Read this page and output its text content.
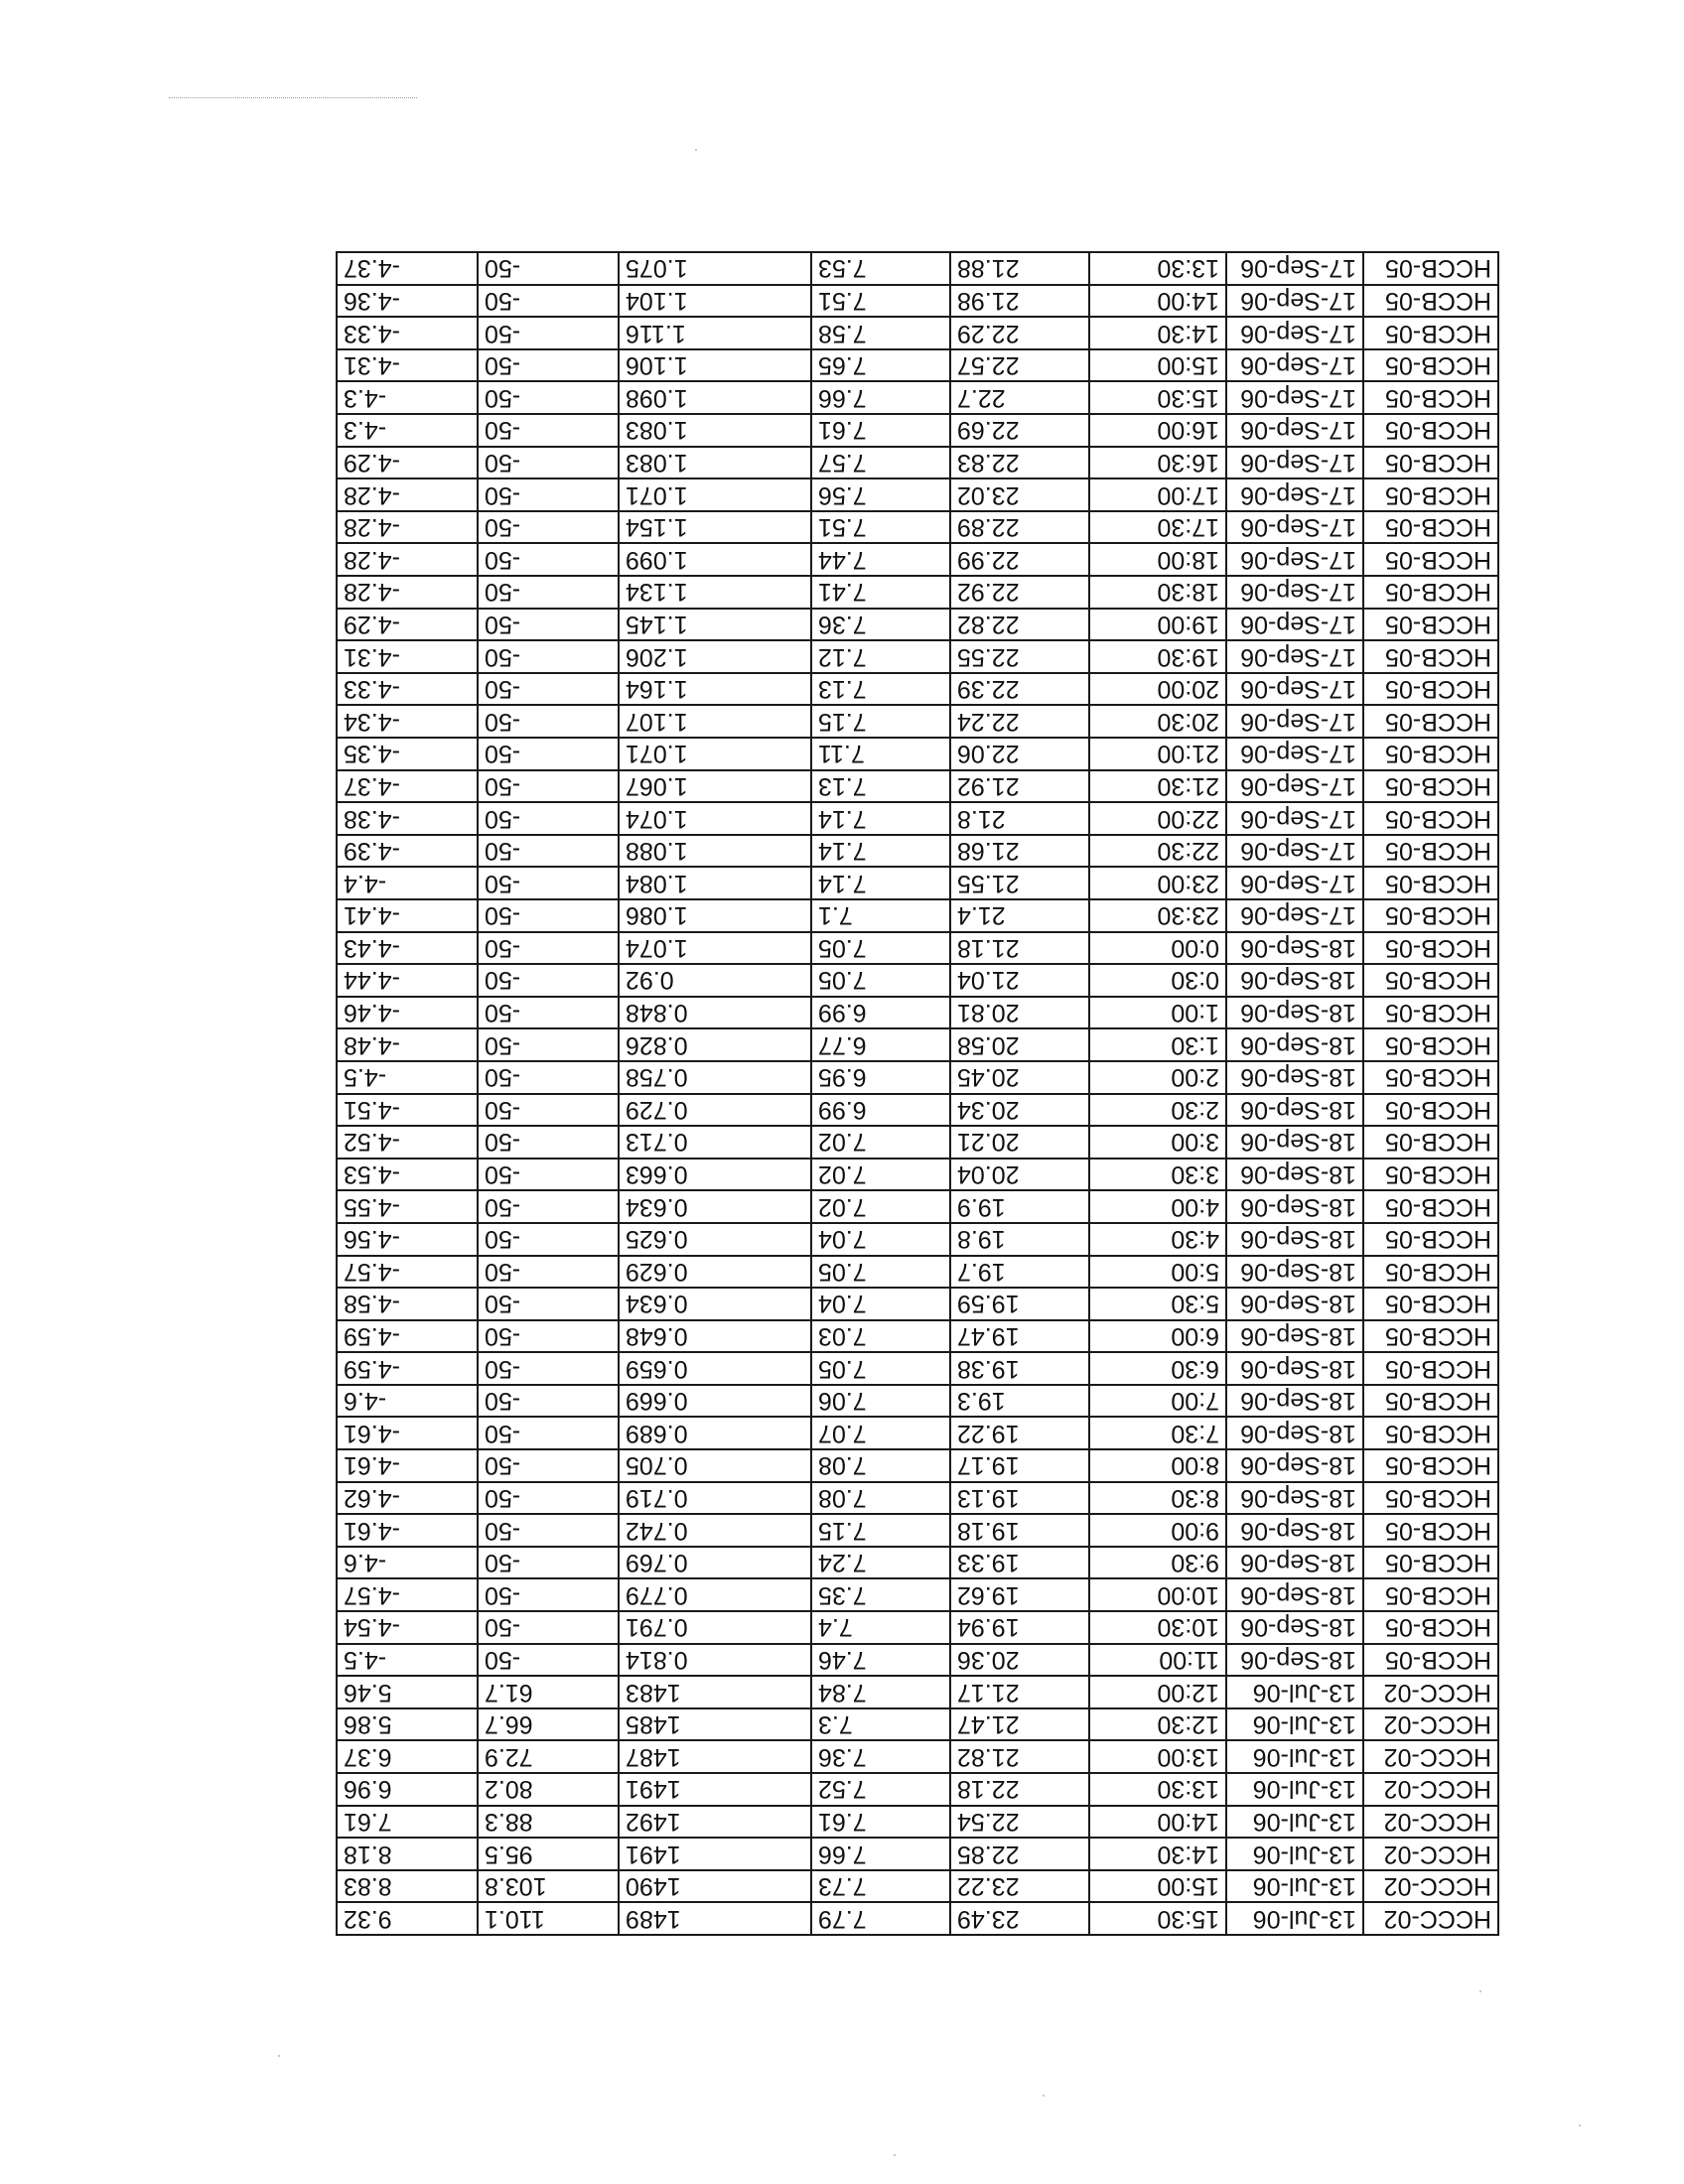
HCCC-02	13-Jul-06	15:30	23.49	7.79	1489	110.1	9.32
HCCC-02	13-Jul-06	15:00	23.22	7.73	1490	103.8	8.83
HCCC-02	13-Jul-06	14:30	22.85	7.66	1491	95.5	8.18
HCCC-02	13-Jul-06	14:00	22.54	7.61	1492	88.3	7.61
HCCC-02	13-Jul-06	13:30	22.18	7.52	1491	80.2	6.96
HCCC-02	13-Jul-06	13:00	21.82	7.36	1487	72.9	6.37
HCCC-02	13-Jul-06	12:30	21.47	7.3	1485	66.7	5.86
HCCC-02	13-Jul-06	12:00	21.17	7.84	1483	61.7	5.46
HCCB-05	18-Sep-06	11:00	20.36	7.46	0.814	-50	-4.5
HCCB-05	18-Sep-06	10:30	19.94	7.4	0.791	-50	-4.54
HCCB-05	18-Sep-06	10:00	19.62	7.35	0.779	-50	-4.57
HCCB-05	18-Sep-06	9:30	19.33	7.24	0.769	-50	-4.6
HCCB-05	18-Sep-06	9:00	19.18	7.15	0.742	-50	-4.61
HCCB-05	18-Sep-06	8:30	19.13	7.08	0.719	-50	-4.62
HCCB-05	18-Sep-06	8:00	19.17	7.08	0.705	-50	-4.61
HCCB-05	18-Sep-06	7:30	19.22	7.07	0.689	-50	-4.61
HCCB-05	18-Sep-06	7:00	19.3	7.06	0.669	-50	-4.6
HCCB-05	18-Sep-06	6:30	19.38	7.05	0.659	-50	-4.59
HCCB-05	18-Sep-06	6:00	19.47	7.03	0.648	-50	-4.59
HCCB-05	18-Sep-06	5:30	19.59	7.04	0.634	-50	-4.58
HCCB-05	18-Sep-06	5:00	19.7	7.05	0.629	-50	-4.57
HCCB-05	18-Sep-06	4:30	19.8	7.04	0.625	-50	-4.56
HCCB-05	18-Sep-06	4:00	19.9	7.02	0.634	-50	-4.55
HCCB-05	18-Sep-06	3:30	20.04	7.02	0.663	-50	-4.53
HCCB-05	18-Sep-06	3:00	20.21	7.02	0.713	-50	-4.52
HCCB-05	18-Sep-06	2:30	20.34	6.99	0.729	-50	-4.51
HCCB-05	18-Sep-06	2:00	20.45	6.95	0.758	-50	-4.5
HCCB-05	18-Sep-06	1:30	20.58	6.77	0.826	-50	-4.48
HCCB-05	18-Sep-06	1:00	20.81	6.99	0.848	-50	-4.46
HCCB-05	18-Sep-06	0:30	21.04	7.05	0.92	-50	-4.44
HCCB-05	18-Sep-06	0:00	21.18	7.05	1.074	-50	-4.43
HCCB-05	17-Sep-06	23:30	21.4	7.1	1.086	-50	-4.41
HCCB-05	17-Sep-06	23:00	21.55	7.14	1.084	-50	-4.4
HCCB-05	17-Sep-06	22:30	21.68	7.14	1.088	-50	-4.39
HCCB-05	17-Sep-06	22:00	21.8	7.14	1.074	-50	-4.38
HCCB-05	17-Sep-06	21:30	21.92	7.13	1.067	-50	-4.37
HCCB-05	17-Sep-06	21:00	22.06	7.11	1.071	-50	-4.35
HCCB-05	17-Sep-06	20:30	22.24	7.15	1.107	-50	-4.34
HCCB-05	17-Sep-06	20:00	22.39	7.13	1.164	-50	-4.33
HCCB-05	17-Sep-06	19:30	22.55	7.12	1.206	-50	-4.31
HCCB-05	17-Sep-06	19:00	22.82	7.36	1.145	-50	-4.29
HCCB-05	17-Sep-06	18:30	22.92	7.41	1.134	-50	-4.28
HCCB-05	17-Sep-06	18:00	22.99	7.44	1.099	-50	-4.28
HCCB-05	17-Sep-06	17:30	22.89	7.51	1.154	-50	-4.28
HCCB-05	17-Sep-06	17:00	23.02	7.56	1.071	-50	-4.28
HCCB-05	17-Sep-06	16:30	22.83	7.57	1.083	-50	-4.29
HCCB-05	17-Sep-06	16:00	22.69	7.61	1.083	-50	-4.3
HCCB-05	17-Sep-06	15:30	22.7	7.66	1.098	-50	-4.3
HCCB-05	17-Sep-06	15:00	22.57	7.65	1.106	-50	-4.31
HCCB-05	17-Sep-06	14:30	22.29	7.58	1.116	-50	-4.33
HCCB-05	17-Sep-06	14:00	21.98	7.51	1.104	-50	-4.36
HCCB-05	17-Sep-06	13:30	21.88	7.53	1.075	-50	-4.37
